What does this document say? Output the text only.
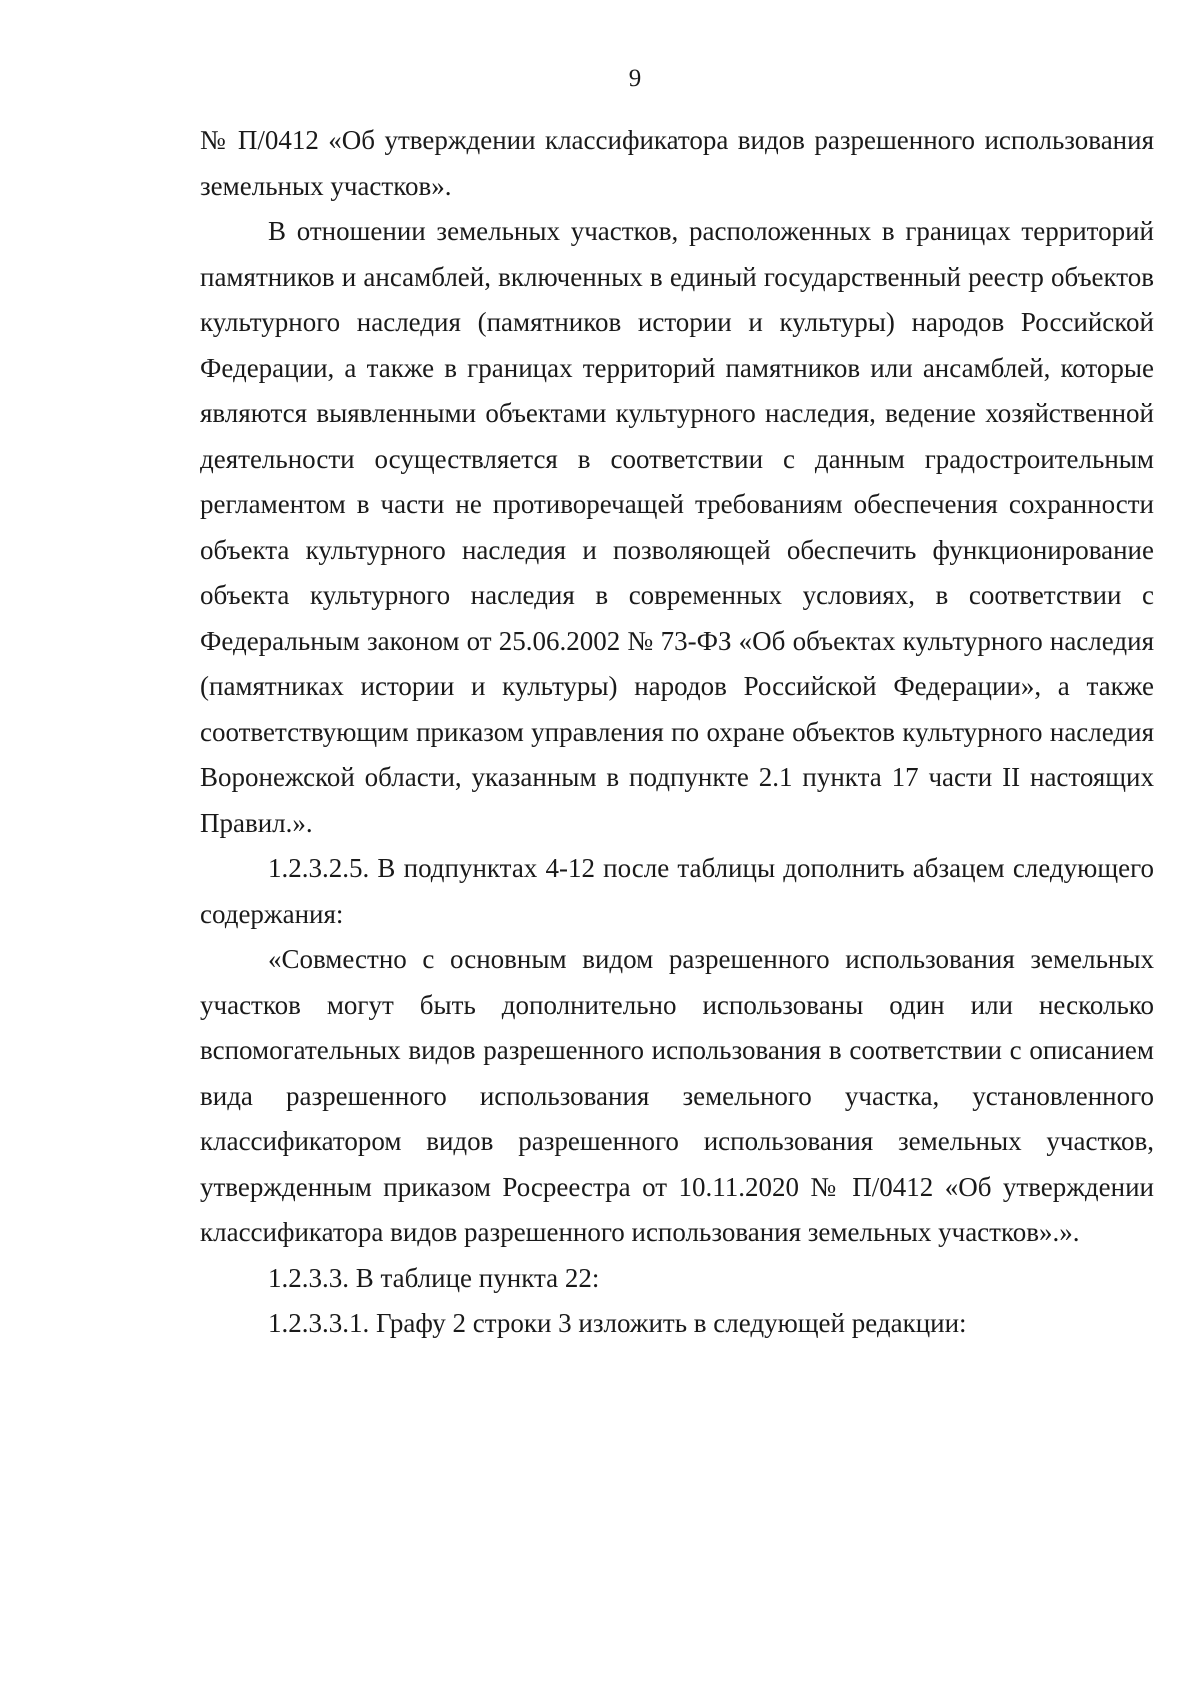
9

№ П/0412 «Об утверждении классификатора видов разрешенного использования земельных участков».

В отношении земельных участков, расположенных в границах территорий памятников и ансамблей, включенных в единый государственный реестр объектов культурного наследия (памятников истории и культуры) народов Российской Федерации, а также в границах территорий памятников или ансамблей, которые являются выявленными объектами культурного наследия, ведение хозяйственной деятельности осуществляется в соответствии с данным градостроительным регламентом в части не противоречащей требованиям обеспечения сохранности объекта культурного наследия и позволяющей обеспечить функционирование объекта культурного наследия в современных условиях, в соответствии с Федеральным законом от 25.06.2002 № 73-ФЗ «Об объектах культурного наследия (памятниках истории и культуры) народов Российской Федерации», а также соответствующим приказом управления по охране объектов культурного наследия Воронежской области, указанным в подпункте 2.1 пункта 17 части II настоящих Правил.».

1.2.3.2.5. В подпунктах 4-12 после таблицы дополнить абзацем следующего содержания:

«Совместно с основным видом разрешенного использования земельных участков могут быть дополнительно использованы один или несколько вспомогательных видов разрешенного использования в соответствии с описанием вида разрешенного использования земельного участка, установленного классификатором видов разрешенного использования земельных участков, утвержденным приказом Росреестра от 10.11.2020 № П/0412 «Об утверждении классификатора видов разрешенного использования земельных участков».».

1.2.3.3. В таблице пункта 22:

1.2.3.3.1. Графу 2 строки 3 изложить в следующей редакции:
